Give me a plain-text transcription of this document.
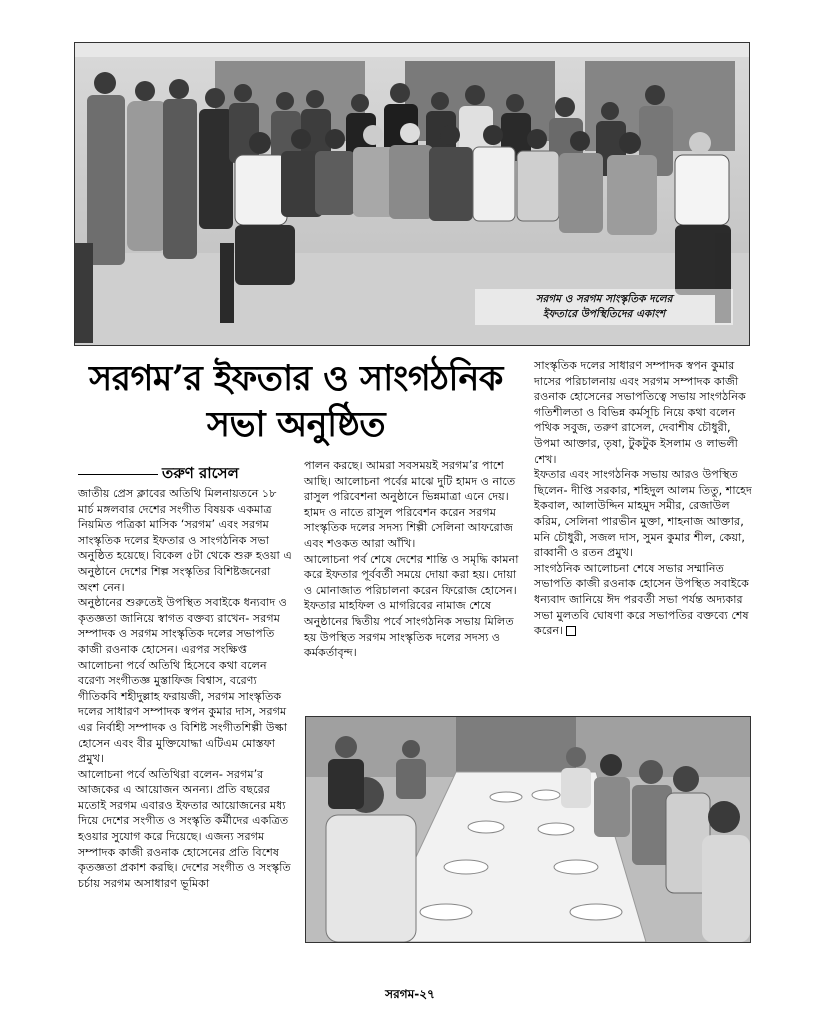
সরগম ও সরগম সাংস্কৃতিক দলের
ইফতারে উপস্থিতিদের একাংশ
সরগম’র ইফতার ও সাংগঠনিক
সভা অনুষ্ঠিত
তরুণ রাসেল

জাতীয় প্রেস ক্লাবের অতিথি মিলনায়তনে ১৮ মার্চ মঙ্গলবার দেশের সংগীত বিষয়ক একমাত্র নিয়মিত পত্রিকা মাসিক ‘সরগম’ এবং সরগম সাংস্কৃতিক দলের ইফতার ও সাংগঠনিক সভা অনুষ্ঠিত হয়েছে। বিকেল ৫টা থেকে শুরু হওয়া এ অনুষ্ঠানে দেশের শিল্প সংস্কৃতির বিশিষ্টজনেরা অংশ নেন।

অনুষ্ঠানের শুরুতেই উপস্থিত সবাইকে ধন্যবাদ ও কৃতজ্ঞতা জানিয়ে স্বাগত বক্তব্য রাখেন- সরগম সম্পাদক ও সরগম সাংস্কৃতিক দলের সভাপতি কাজী রওনাক হোসেন। এরপর সংক্ষিপ্ত আলোচনা পর্বে অতিথি হিসেবে কথা বলেন বরেণ্য সংগীতজ্ঞ মুস্তাফিজ বিশ্বাস, বরেণ্য গীতিকবি শহীদুল্লাহ ফরায়জী, সরগম সাংস্কৃতিক দলের সাধারণ সম্পাদক স্বপন কুমার দাস, সরগম এর নির্বাহী সম্পাদক ও বিশিষ্ট সংগীতশিল্পী উল্কা হোসেন এবং বীর মুক্তিযোদ্ধা এটিএম মোস্তফা প্রমুখ।

আলোচনা পর্বে অতিথিরা বলেন- সরগম’র আজকের এ আয়োজন অনন্য। প্রতি বছরের মতোই সরগম এবারও ইফতার আয়োজনের মধ্য দিয়ে দেশের সংগীত ও সংস্কৃতি কর্মীদের একত্রিত হওয়ার সুযোগ করে দিয়েছে। এজন্য সরগম সম্পাদক কাজী রওনাক হোসেনের প্রতি বিশেষ কৃতজ্ঞতা প্রকাশ করছি। দেশের সংগীত ও সংস্কৃতি চর্চায় সরগম অসাধারণ ভূমিকা

পালন করছে। আমরা সবসময়ই সরগম’র পাশে আছি। আলোচনা পর্বের মাঝে দুটি হামদ ও নাতে রাসুল পরিবেশনা অনুষ্ঠানে ভিন্নমাত্রা এনে দেয়। হামদ ও নাতে রাসুল পরিবেশন করেন সরগম সাংস্কৃতিক দলের সদস্য শিল্পী সেলিনা আফরোজ এবং শওকত আরা আঁখি।

আলোচনা পর্ব শেষে দেশের শান্তি ও সমৃদ্ধি কামনা করে ইফতার পূর্ববর্তী সময়ে দোয়া করা হয়। দোয়া ও মোনাজাত পরিচালনা করেন ফিরোজ হোসেন।

ইফতার মাহফিল ও মাগরিবের নামাজ শেষে অনুষ্ঠানের দ্বিতীয় পর্বে সাংগঠনিক সভায় মিলিত হয় উপস্থিত সরগম সাংস্কৃতিক দলের সদস্য ও কর্মকর্তাবৃন্দ।

সাংস্কৃতিক দলের সাধারণ সম্পাদক স্বপন কুমার দাসের পরিচালনায় এবং সরগম সম্পাদক কাজী রওনাক হোসেনের সভাপতিত্বে সভায় সাংগঠনিক গতিশীলতা ও বিভিন্ন কর্মসূচি নিয়ে কথা বলেন পথিক সবুজ, তরুণ রাসেল, দেবাশীষ চৌধুরী, উপমা আক্তার, তৃষা, টুকটুক ইসলাম ও লাভলী শেখ।

ইফতার এবং সাংগঠনিক সভায় আরও উপস্থিত ছিলেন- দীপ্তি সরকার, শহিদুল আলম তিতু, শাহেদ ইকবাল, আলাউদ্দিন মাহমুদ সমীর, রেজাউল করিম, সেলিনা পারভীন মুক্তা, শাহনাজ আক্তার, মনি চৌধুরী, সজল দাস, সুমন কুমার শীল, কেয়া, রাব্বানী ও রতন প্রমুখ।

সাংগঠনিক আলোচনা শেষে সভার সম্মানিত সভাপতি কাজী রওনাক হোসেন উপস্থিত সবাইকে ধন্যবাদ জানিয়ে ঈদ পরবর্তী সভা পর্যন্ত অদ্যকার সভা মুলতবি ঘোষণা করে সভাপতির বক্তব্যে শেষ করেন।

সরগম-২৭
